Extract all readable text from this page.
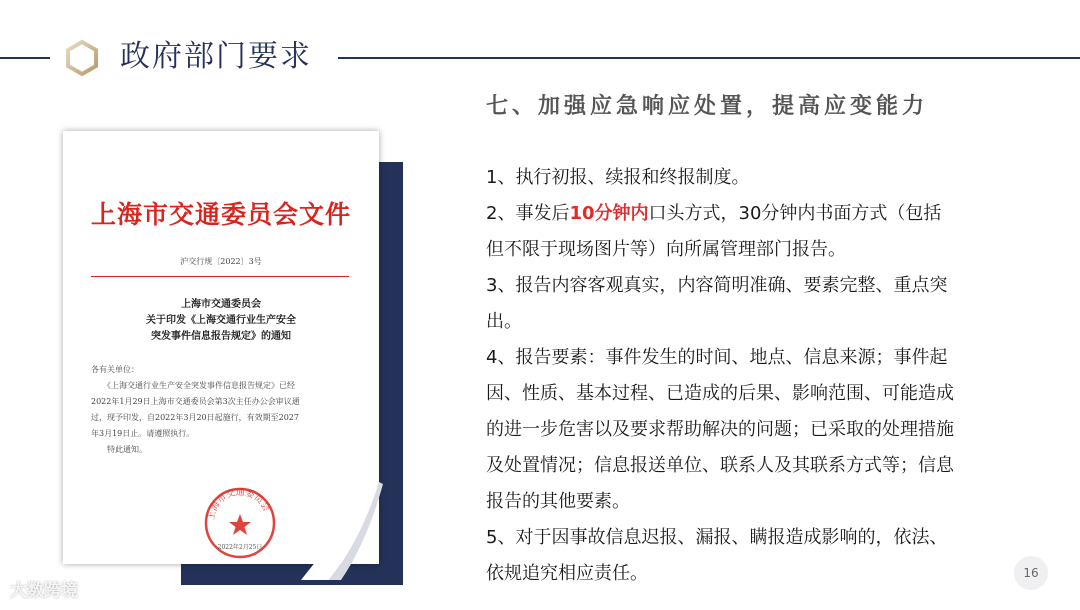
政府部门要求
七、加强应急响应处置，提高应变能力

1、执行初报、续报和终报制度。

2、事发后10分钟内口头方式，30分钟内书面方式（包括但不限于现场图片等）向所属管理部门报告。

3、报告内容客观真实，内容简明准确、要素完整、重点突出。

4、报告要素：事件发生的时间、地点、信息来源；事件起因、性质、基本过程、已造成的后果、影响范围、可能造成的进一步危害以及要求帮助解决的问题；已采取的处理措施及处置情况；信息报送单位、联系人及其联系方式等；信息报告的其他要素。

5、对于因事故信息迟报、漏报、瞒报造成影响的，依法、依规追究相应责任。

上海市交通委员会文件
沪交行规〔2022〕3号
上海市交通委员会
关于印发《上海交通行业生产安全
突发事件信息报告规定》的通知
各有关单位：
《上海交通行业生产安全突发事件信息报告规定》已经
2022年1月29日上海市交通委员会第3次主任办公会审议通
过，现予印发，自2022年3月20日起施行，有效期至2027
年3月19日止。请遵照执行。
特此通知。
上海市交通委员会
2022年2月25日
16
大数跨境
